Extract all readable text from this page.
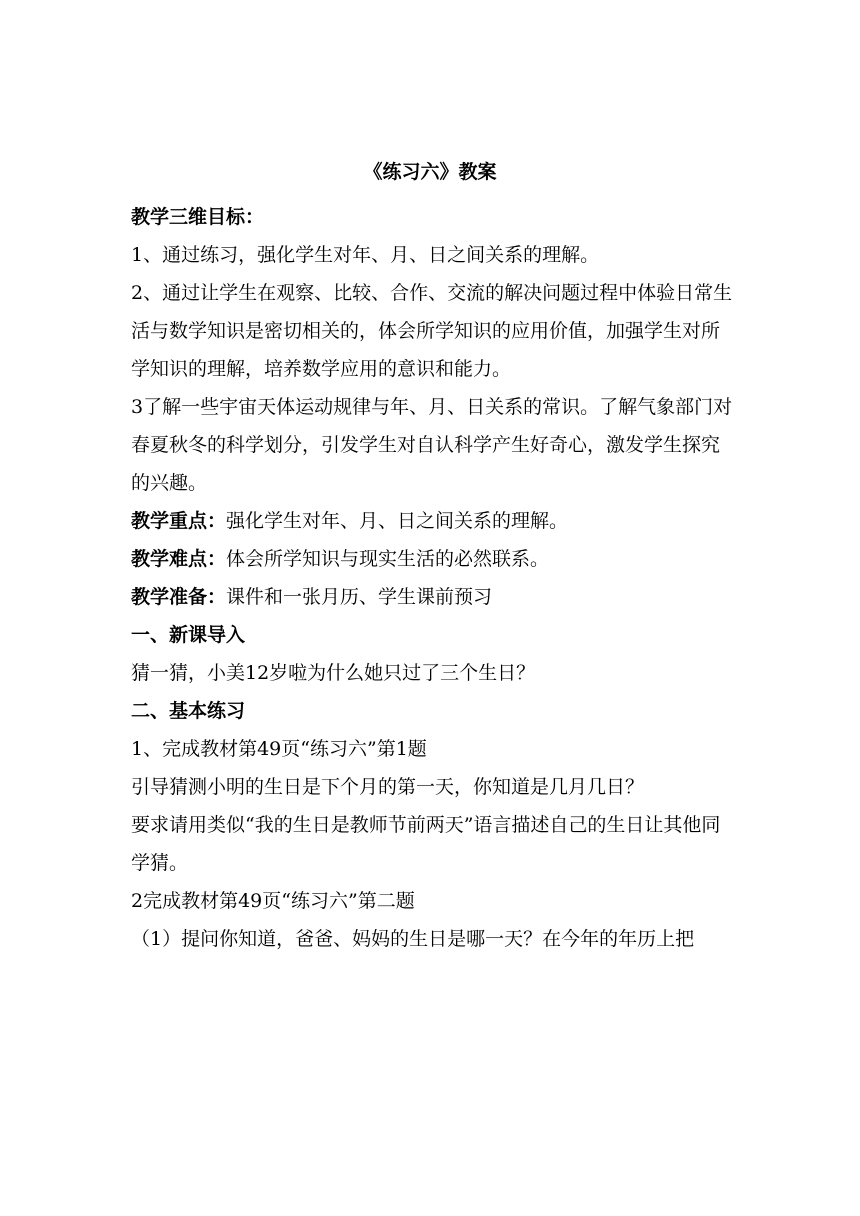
《练习六》教案

教学三维目标：

1、通过练习，强化学生对年、月、日之间关系的理解。

2、通过让学生在观察、比较、合作、交流的解决问题过程中体验日常生活与数学知识是密切相关的，体会所学知识的应用价值，加强学生对所学知识的理解，培养数学应用的意识和能力。

3了解一些宇宙天体运动规律与年、月、日关系的常识。了解气象部门对春夏秋冬的科学划分，引发学生对自认科学产生好奇心，激发学生探究的兴趣。

教学重点：强化学生对年、月、日之间关系的理解。

教学难点：体会所学知识与现实生活的必然联系。

教学准备：课件和一张月历、学生课前预习

一、新课导入

猜一猜，小美12岁啦为什么她只过了三个生日？

二、基本练习

1、完成教材第49页“练习六”第1题

引导猜测小明的生日是下个月的第一天，你知道是几月几日？

要求请用类似“我的生日是教师节前两天”语言描述自己的生日让其他同学猜。

2完成教材第49页“练习六”第二题

（1）提问你知道，爸爸、妈妈的生日是哪一天？在今年的年历上把
